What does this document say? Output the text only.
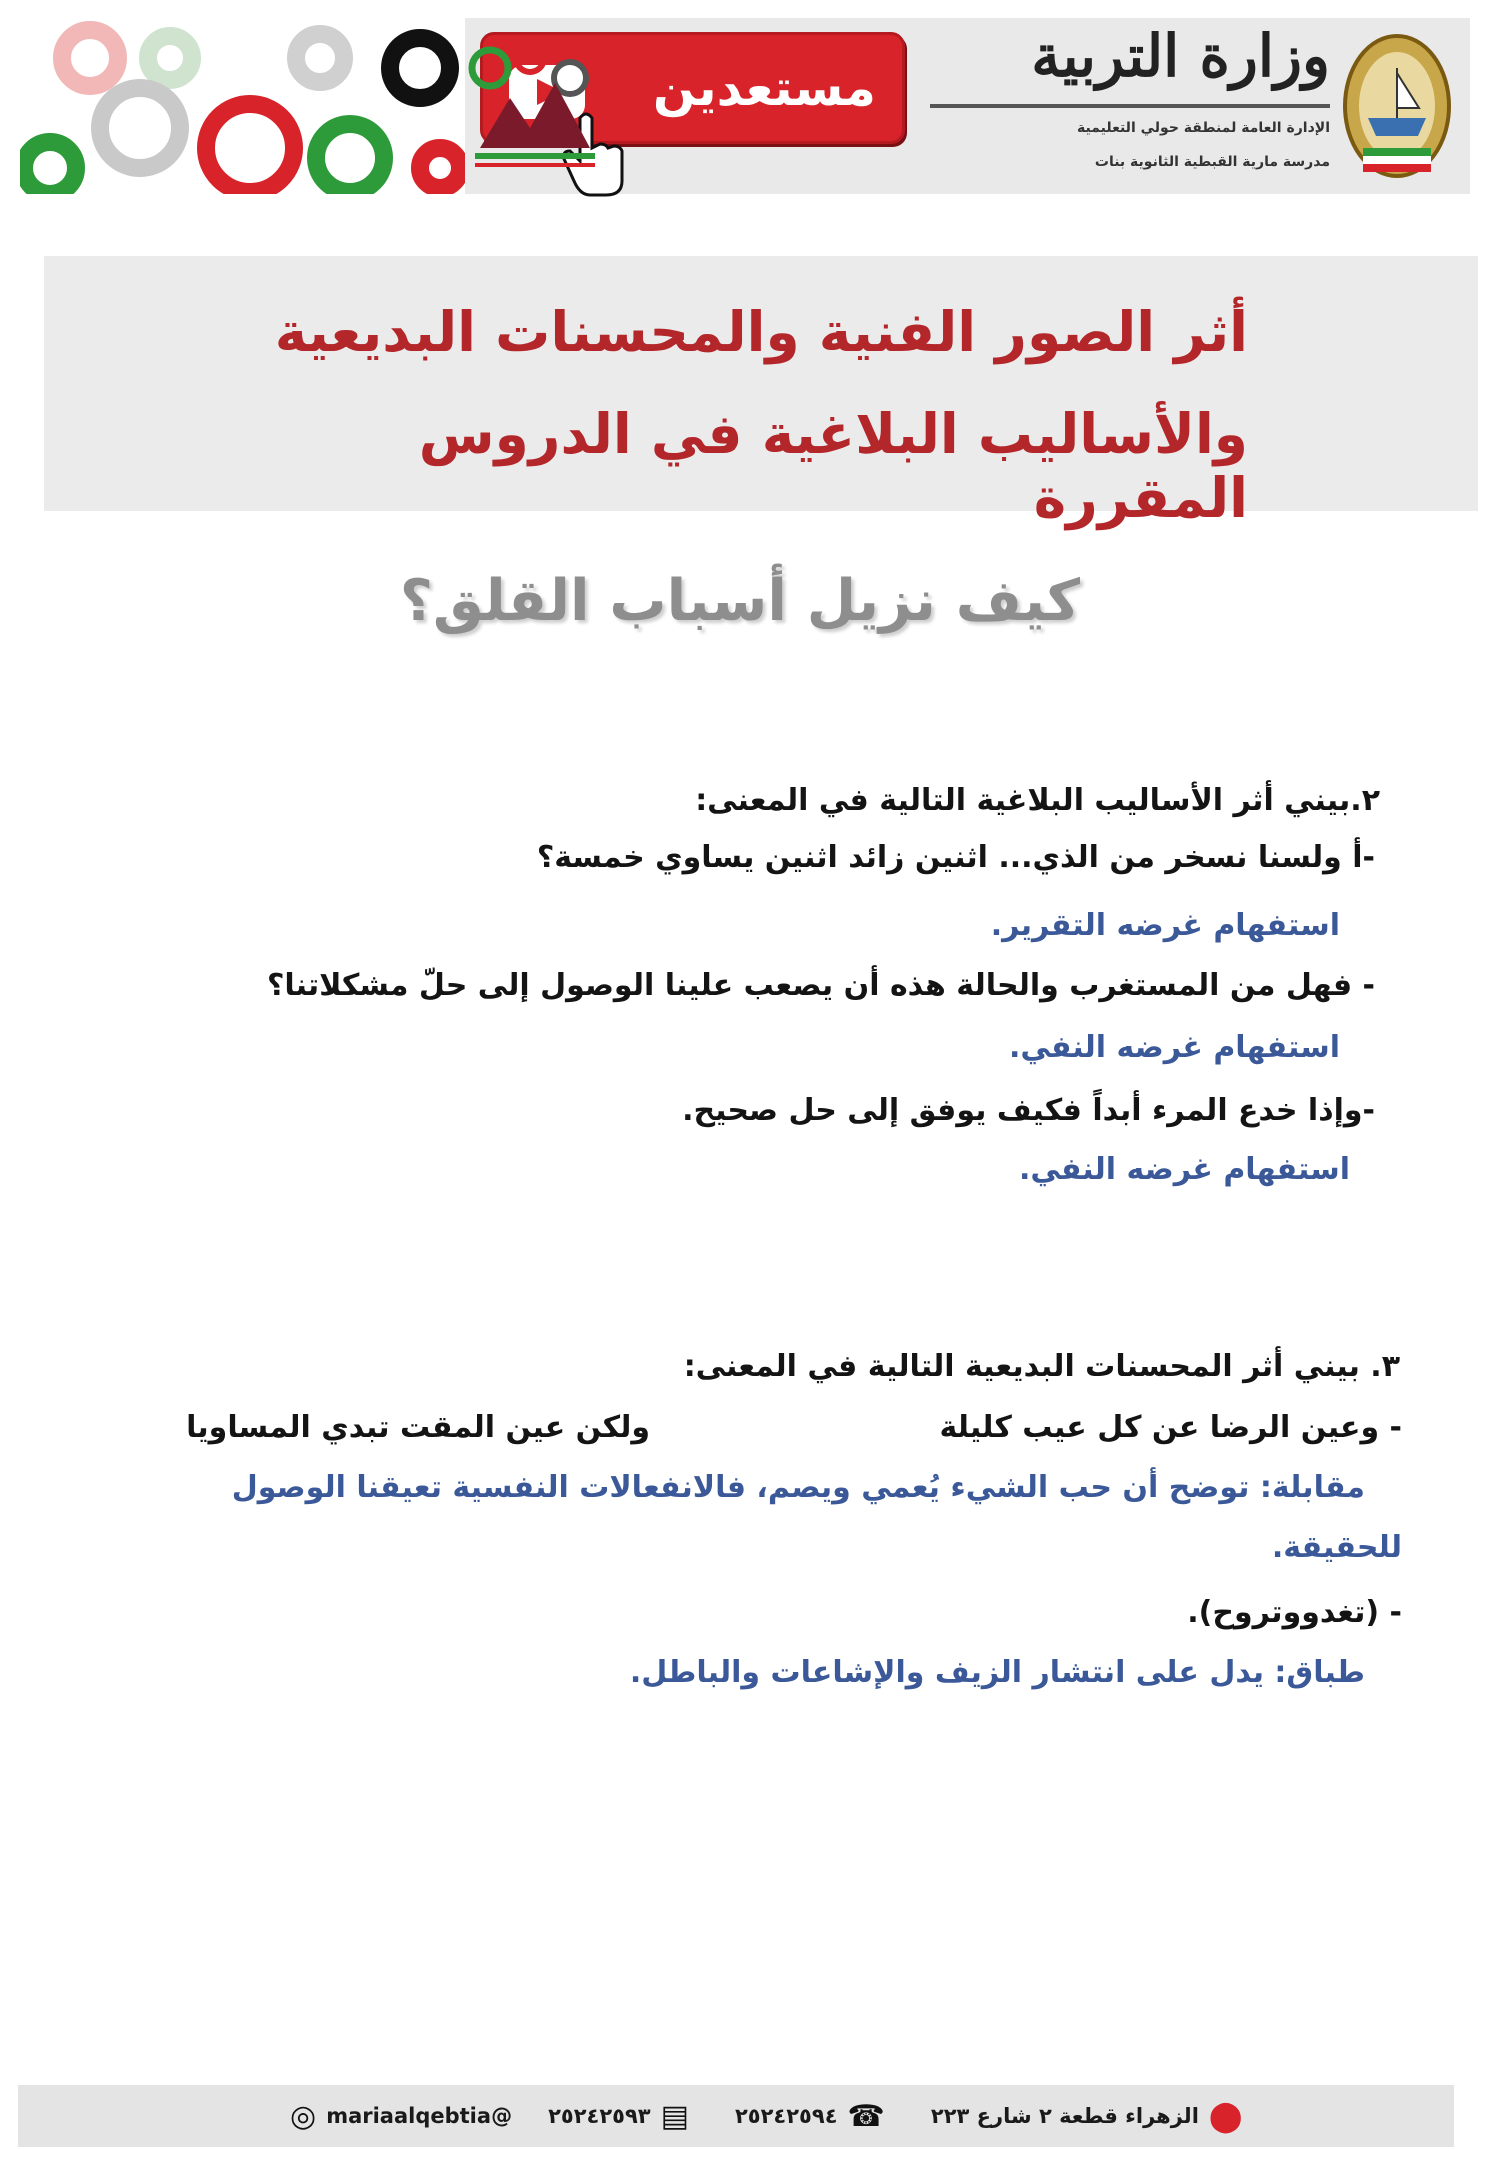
مستعدين	وزارة التربية
الإدارة العامة لمنطقة حولي التعليمية
مدرسة مارية القبطية الثانوية بنات
أثر الصور الفنية والمحسنات البديعية
والأساليب البلاغية في الدروس المقررة
كيف نزيل أسباب القلق؟
٢.بيني أثر الأساليب البلاغية التالية في المعنى:
-أ ولسنا نسخر من الذي... اثنين زائد اثنين يساوي خمسة؟
استفهام غرضه التقرير.
- فهل من المستغرب والحالة هذه أن يصعب علينا الوصول إلى حلّ مشكلاتنا؟
استفهام غرضه النفي.
-وإذا خدع المرء أبداً فكيف يوفق إلى حل صحيح.
استفهام غرضه النفي.
٣. بيني أثر المحسنات البديعية التالية في المعنى:
- وعين الرضا عن كل عيب كليلة
ولكن عين المقت تبدي المساويا
مقابلة: توضح أن حب الشيء يُعمي ويصم، فالانفعالات النفسية تعيقنا الوصول
للحقيقة.
- (تغدووتروح).
طباق: يدل على انتشار الزيف والإشاعات والباطل.
@mariaalqebtia
◎	▤
٢٥٢٤٢٥٩٣	☎
٢٥٢٤٢٥٩٤	⬤
الزهراء قطعة ٢ شارع ٢٢٣
